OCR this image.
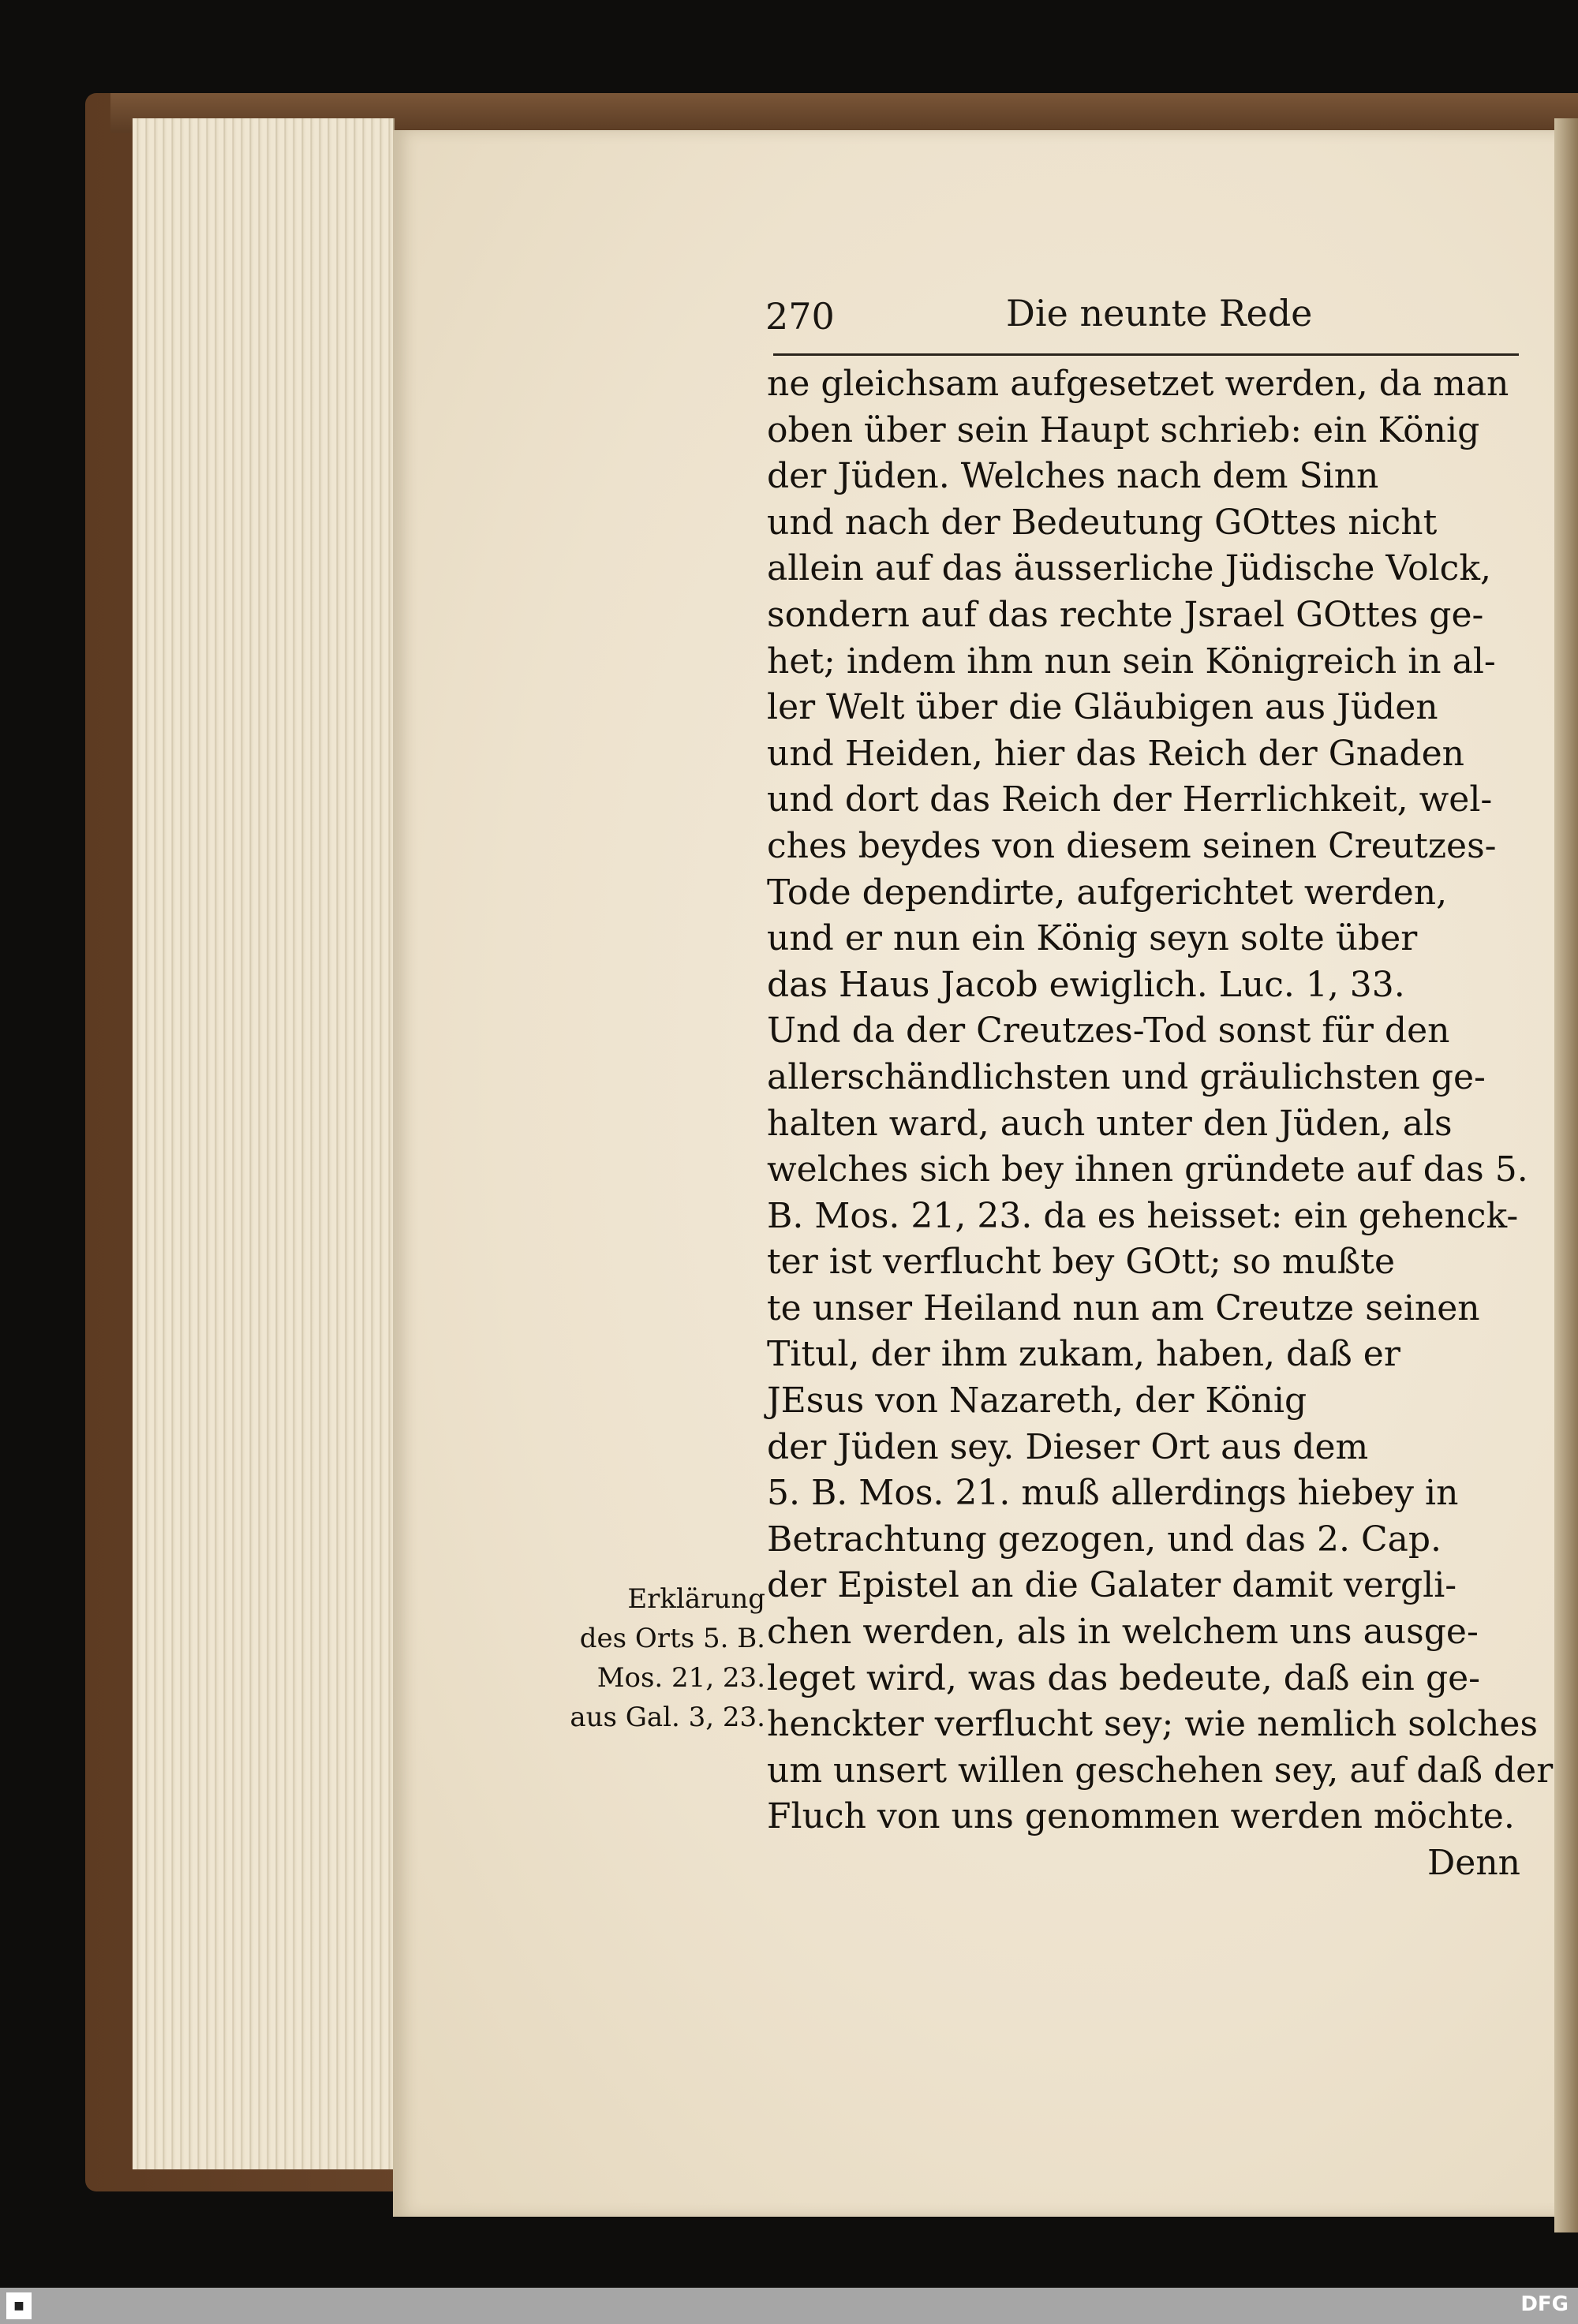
270	Die neunte Rede
ne gleichsam aufgesetzet werden, da man
oben über sein Haupt schrieb: ein König
der Jüden. Welches nach dem Sinn
und nach der Bedeutung GOttes nicht
allein auf das äusserliche Jüdische Volck,
sondern auf das rechte Jsrael GOttes ge-
het; indem ihm nun sein Königreich in al-
ler Welt über die Gläubigen aus Jüden
und Heiden, hier das Reich der Gnaden
und dort das Reich der Herrlichkeit, wel-
ches beydes von diesem seinen Creutzes-
Tode dependirte, aufgerichtet werden,
und er nun ein König seyn solte über
das Haus Jacob ewiglich. Luc. 1, 33.
Und da der Creutzes-Tod sonst für den
allerschändlichsten und gräulichsten ge-
halten ward, auch unter den Jüden, als
welches sich bey ihnen gründete auf das 5.
B. Mos. 21, 23. da es heisset: ein gehenck-
ter ist verflucht bey GOtt; so mußte
te unser Heiland nun am Creutze seinen
Titul, der ihm zukam, haben, daß er
JEsus von Nazareth, der König
der Jüden sey. Dieser Ort aus dem
5. B. Mos. 21. muß allerdings hiebey in
Betrachtung gezogen, und das 2. Cap.
der Epistel an die Galater damit vergli-
chen werden, als in welchem uns ausge-
leget wird, was das bedeute, daß ein ge-
henckter verflucht sey; wie nemlich solches
um unsert willen geschehen sey, auf daß der
Fluch von uns genommen werden möchte.
Denn
Erklärung
des Orts 5. B.
Mos. 21, 23.
aus Gal. 3, 23.
■	DFG
